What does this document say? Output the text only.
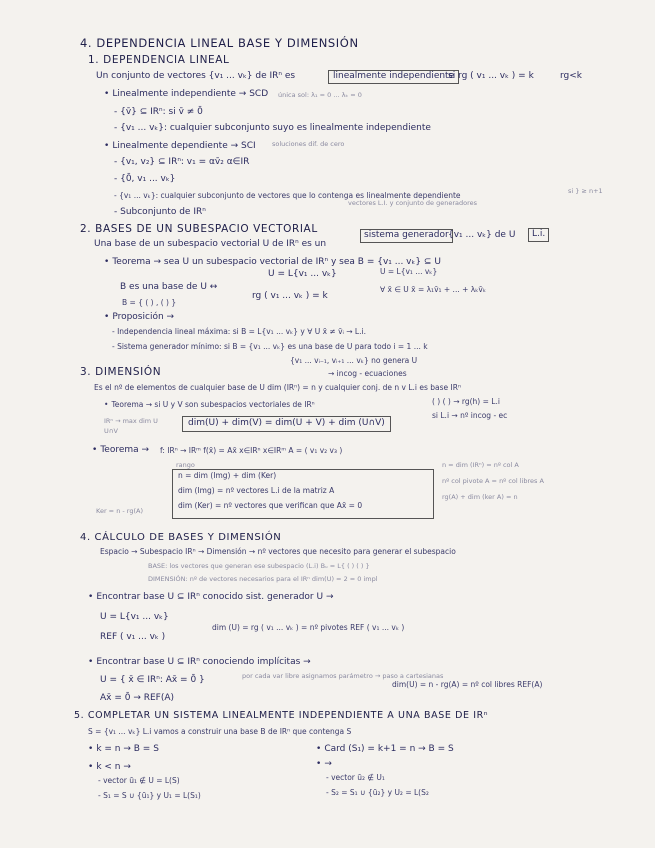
4. DEPENDENCIA LINEAL BASE Y DIMENSIÓN
1. DEPENDENCIA LINEAL
Un conjunto de vectores {v₁ ... vₖ} de IRⁿ es	linealmente independiente
si rg ( v₁ ... vₖ ) = k	rg<k
• Linealmente independiente → SCD única sol: λ₁ = 0 ... λₖ = 0
- {v̄} ⊆ IRⁿ: si v̄ ≠ 0̄
- {v₁ ... vₖ}: cualquier subconjunto suyo es linealmente independiente
• Linealmente dependiente → SCI	soluciones dif. de cero
- {v₁, v₂} ⊆ IRⁿ: v₁ = αv̄₂ α∈IR
- {0̄, v₁ ... vₖ}
- {v₁ ... vₖ}: cualquier subconjunto de vectores que lo contenga es linealmente dependiente	si } ≥ n+1
- Subconjunto de IRⁿ
2. BASES DE UN SUBESPACIO VECTORIAL
vectores L.I. y conjunto de generadores
Una base de un subespacio vectorial U de IRⁿ es un
sistema generador {v₁ ... vₖ} de U	L.i.
• Teorema → sea U un subespacio vectorial de IRⁿ y sea B = {v₁ ... vₖ} ⊆ U
B es una base de U ↔
B = { ( ) , ( ) }
U = L{v₁ ... vₖ}
rg ( v₁ ... vₖ ) = k
U = L{v₁ ... vₖ}
∀ x̄ ∈ U x̄ = λ₁v̄₁ + ... + λₖv̄ₖ
• Proposición →
- Independencia lineal máxima: si B = L{v₁ ... vₖ} y ∀ U x̄ ≠ v̄ᵢ → L.i.
- Sistema generador mínimo: si B = {v₁ ... vₖ} es una base de U para todo i = 1 ... k
{v₁ ... vᵢ₋₁, vᵢ₊₁ ... vₖ} no genera U
→ incog - ecuaciones
3. DIMENSIÓN
Es el nº de elementos de cualquier base de U dim (IRⁿ) = n y cualquier conj. de n v L.i es base IRⁿ
• Teorema → si U y V son subespacios vectoriales de IRⁿ	( ) ( ) → rg(h) = L.i
si L.i → nº incog - ec
IRⁿ → max dim U
U∩V
dim(U) + dim(V) = dim(U + V) + dim (U∩V)
• Teorema → f: IRⁿ → IRᵐ f(x̄) = Ax̄ x∈IRⁿ x∈IRᵐ A = ( v₁ v₂ v₃ )
rango
n = dim (Img) + dim (Ker)
dim (Img) = nº vectores L.i de la matriz A
dim (Ker) = nº vectores que verifican que Ax̄ = 0
n = dim (IRⁿ) = nº col A
nº col pivote A = nº col libres A
rg(A) + dim (ker A) = n
Ker = n - rg(A)
4. CÁLCULO DE BASES Y DIMENSIÓN
Espacio → Subespacio IRⁿ → Dimensión → nº vectores que necesito para generar el subespacio
BASE: los vectores que generan ese subespacio (L.i) Bᵤ = L{ ( ) ( ) }
DIMENSIÓN: nº de vectores necesarios para el IRⁿ dim(U) = 2 = 0 impl
• Encontrar base U ⊆ IRⁿ conocido sist. generador U →
U = L{v₁ ... vₖ}
REF ( v₁ ... vₖ )
dim (U) = rg ( v₁ ... vₖ ) = nº pivotes REF ( v₁ ... vₖ )
• Encontrar base U ⊆ IRⁿ conociendo implícitas →
U = { x̄ ∈ IRⁿ: Ax̄ = 0̄ }	por cada var libre asignamos parámetro → paso a cartesianas
Ax̄ = 0̄ → REF(A)
dim(U) = n - rg(A) = nº col libres REF(A)
5. COMPLETAR UN SISTEMA LINEALMENTE INDEPENDIENTE A UNA BASE DE IRⁿ
S = {v₁ ... vₖ} L.i vamos a construir una base B de IRⁿ que contenga S
• k = n → B = S
• k < n →
- vector ū₁ ∉ U = L(S)
- S₁ = S ∪ {ū₁} y U₁ = L(S₁)
• Card (S₁) = k+1 = n → B = S
• →
- vector ū₂ ∉ U₁
- S₂ = S₁ ∪ {ū₂} y U₂ = L(S₂
